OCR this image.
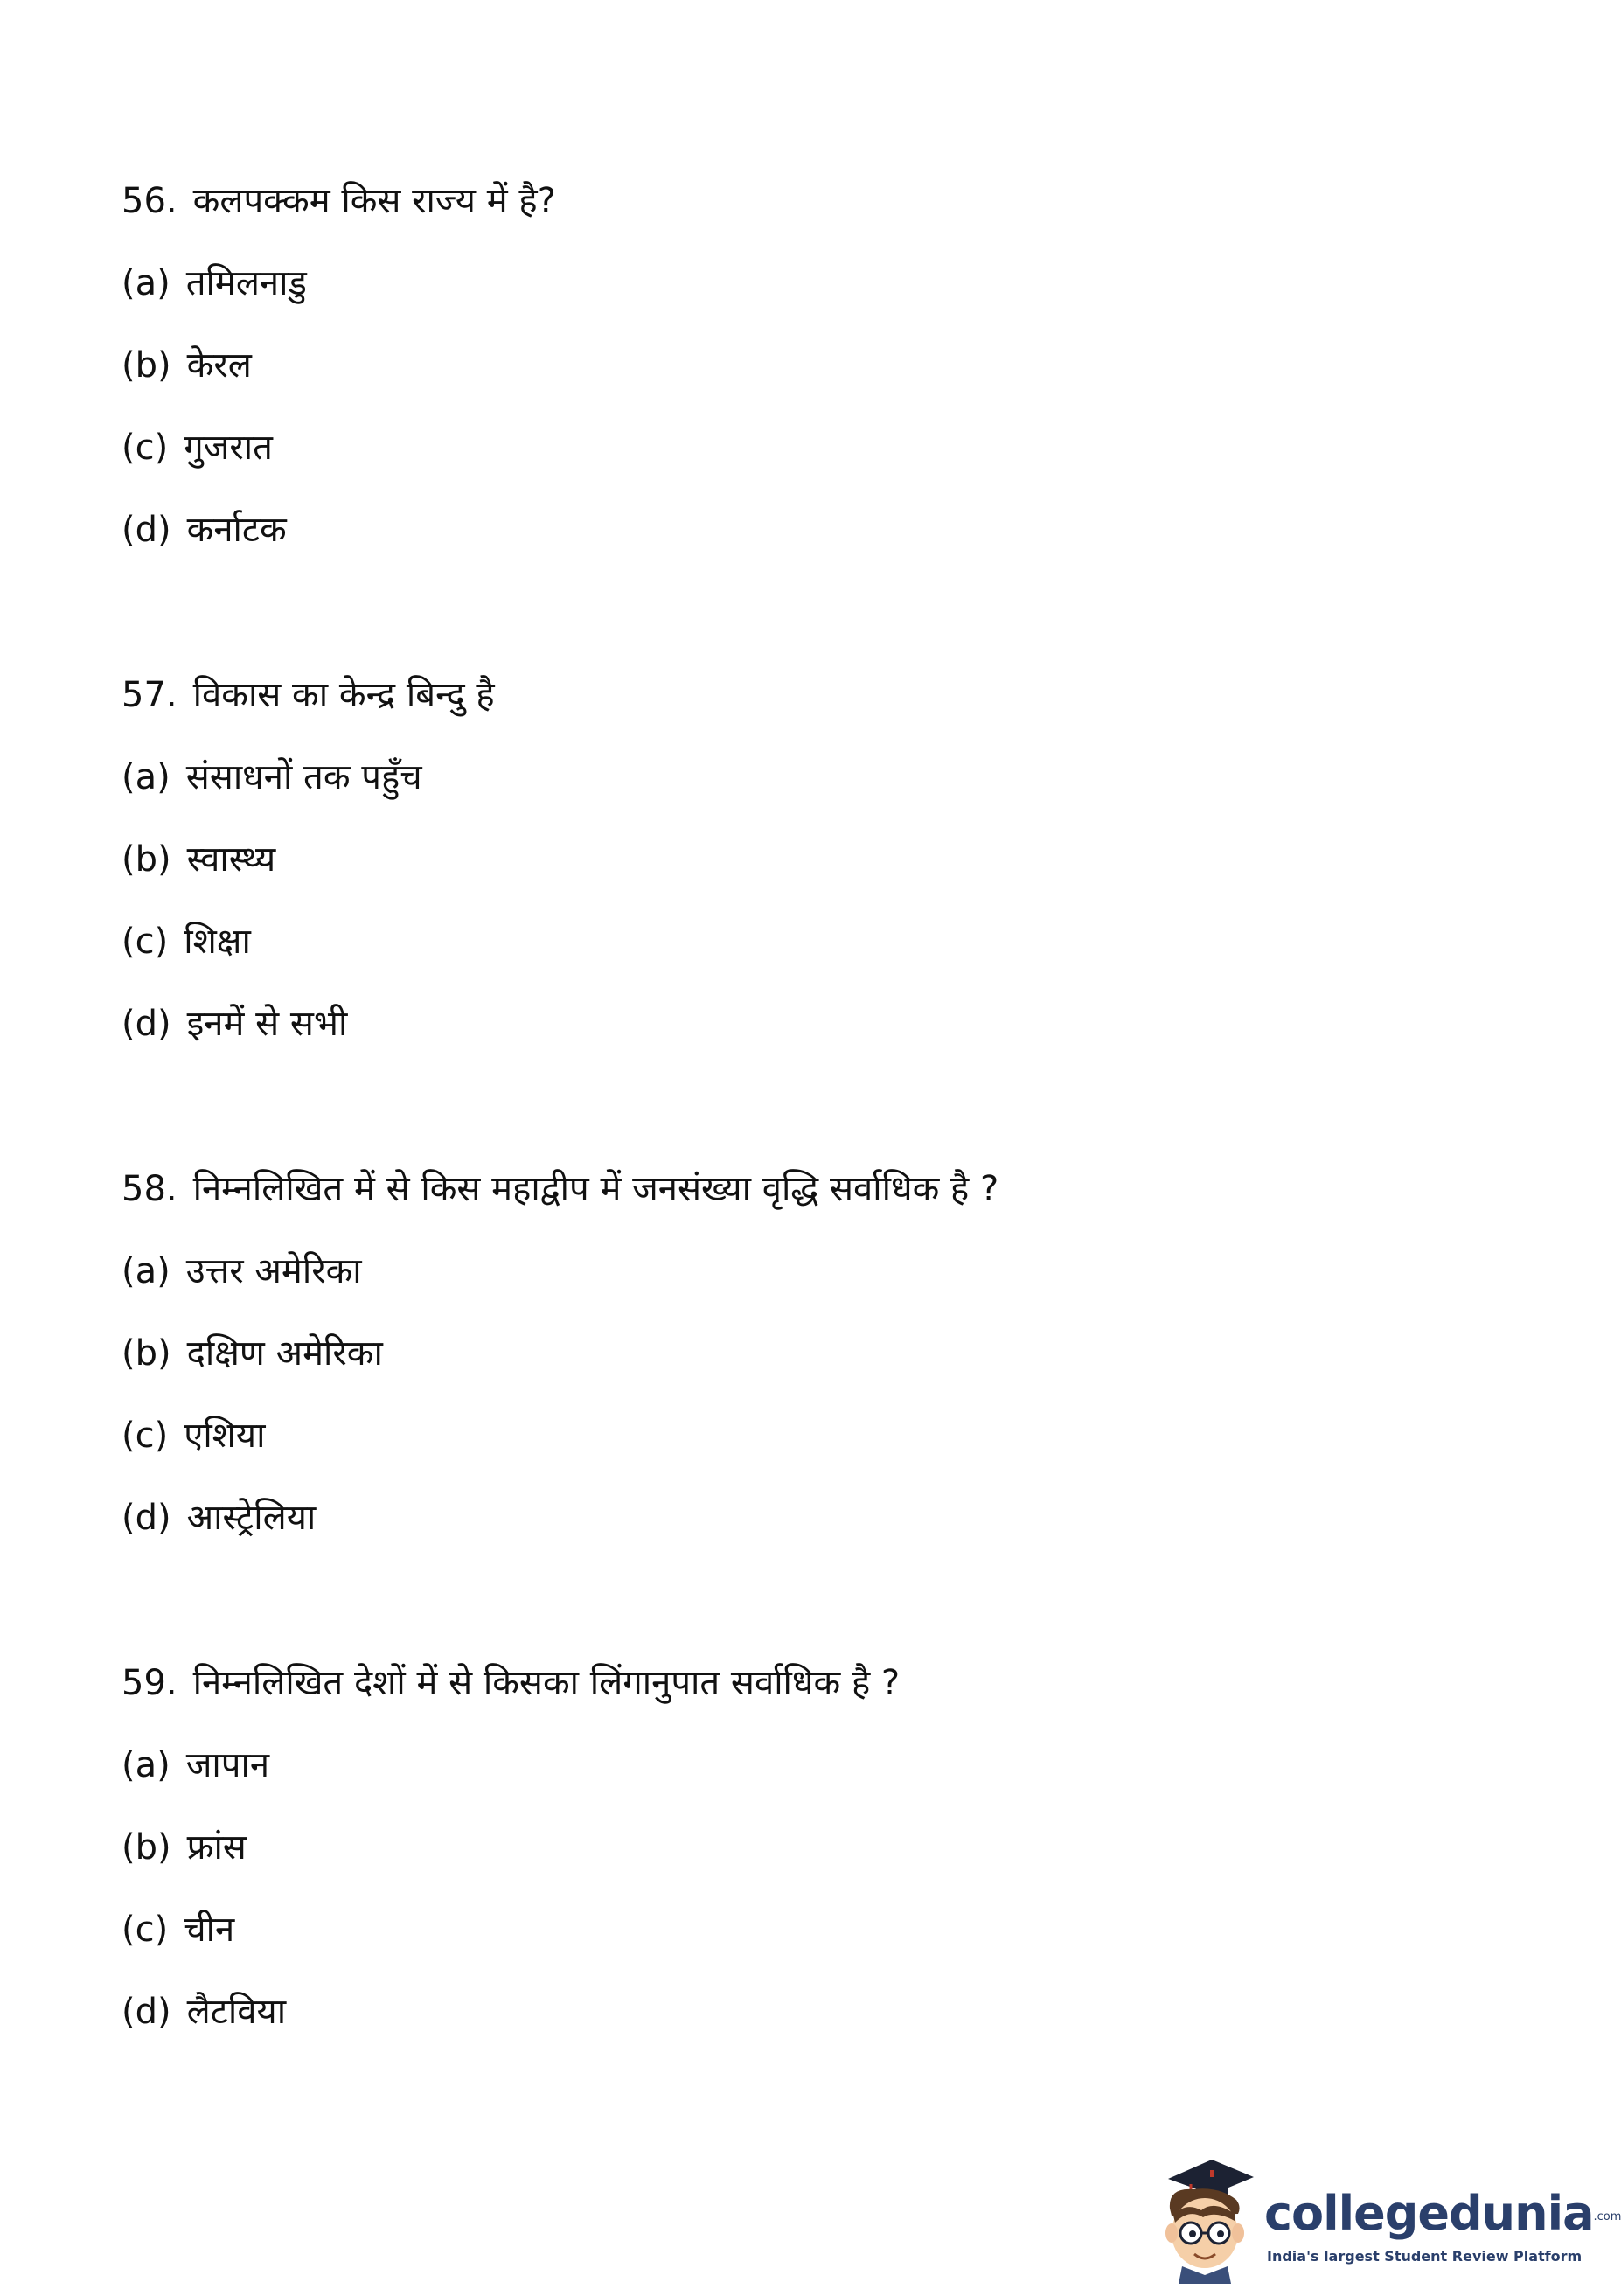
56. कलपक्कम किस राज्य में है?
(a) तमिलनाडु
(b) केरल
(c) गुजरात
(d) कर्नाटक
57. विकास का केन्द्र बिन्दु है
(a) संसाधनों तक पहुँच
(b) स्वास्थ्य
(c) शिक्षा
(d) इनमें से सभी
58. निम्नलिखित में से किस महाद्वीप में जनसंख्या वृद्धि सर्वाधिक है ?
(a) उत्तर अमेरिका
(b) दक्षिण अमेरिका
(c) एशिया
(d) आस्ट्रेलिया
59. निम्नलिखित देशों में से किसका लिंगानुपात सर्वाधिक है ?
(a) जापान
(b) फ्रांस
(c) चीन
(d) लैटविया
collegedunia.com
India's largest Student Review Platform
